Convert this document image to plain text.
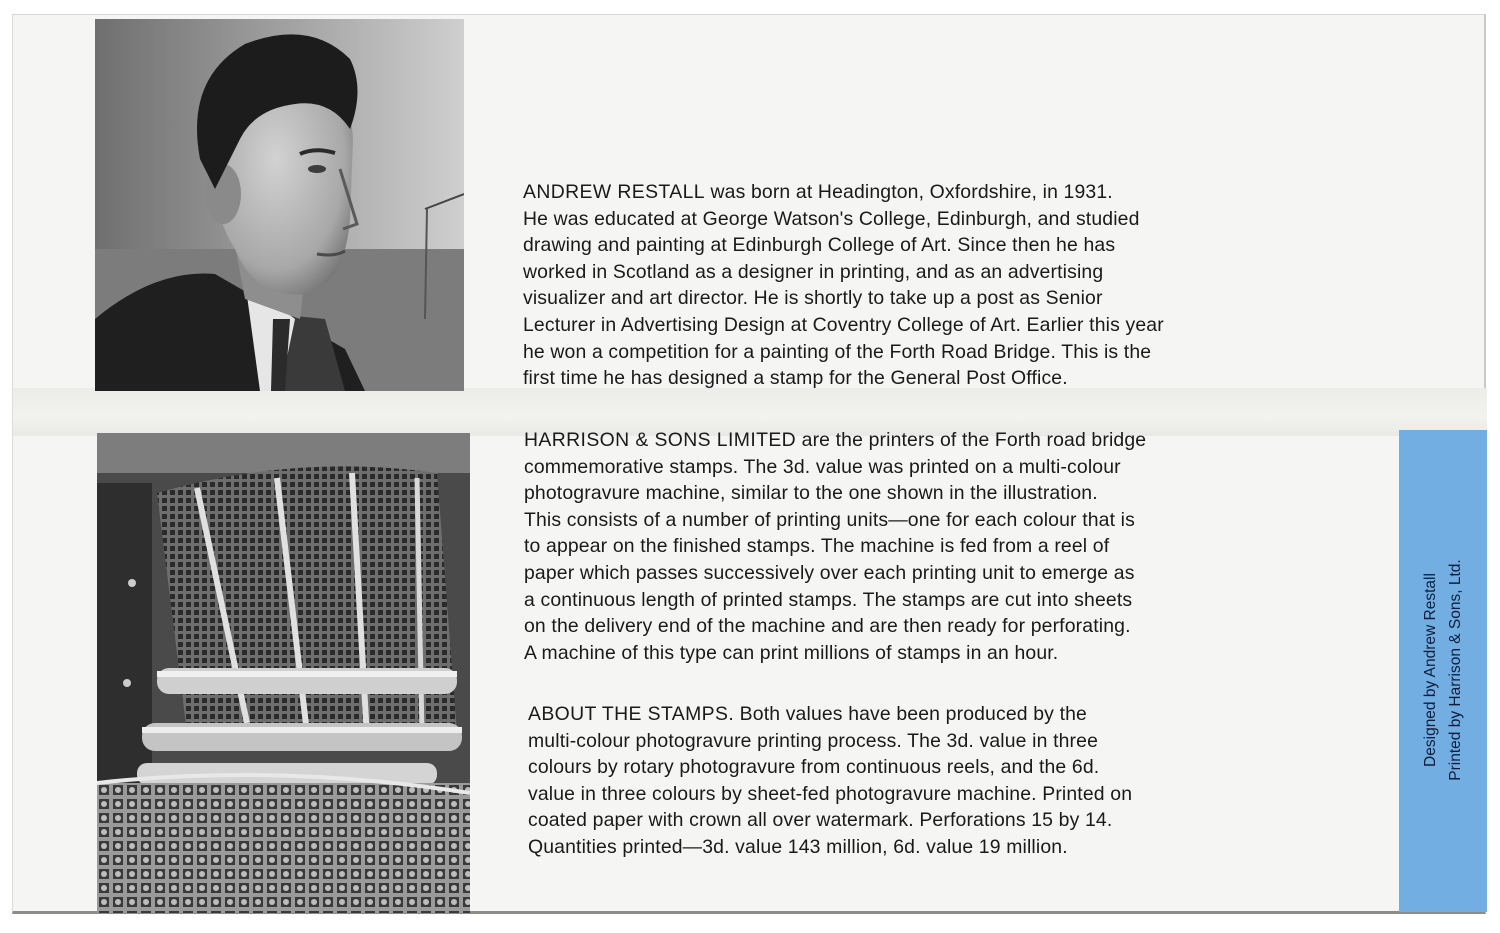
ANDREW RESTALL was born at Headington, Oxfordshire, in 1931.
He was educated at George Watson's College, Edinburgh, and studied
drawing and painting at Edinburgh College of Art. Since then he has
worked in Scotland as a designer in printing, and as an advertising
visualizer and art director. He is shortly to take up a post as Senior
Lecturer in Advertising Design at Coventry College of Art. Earlier this year
he won a competition for a painting of the Forth Road Bridge. This is the
first time he has designed a stamp for the General Post Office.

HARRISON & SONS LIMITED are the printers of the Forth road bridge
commemorative stamps. The 3d. value was printed on a multi-colour
photogravure machine, similar to the one shown in the illustration.
This consists of a number of printing units—one for each colour that is
to appear on the finished stamps. The machine is fed from a reel of
paper which passes successively over each printing unit to emerge as
a continuous length of printed stamps. The stamps are cut into sheets
on the delivery end of the machine and are then ready for perforating.
A machine of this type can print millions of stamps in an hour.

ABOUT THE STAMPS. Both values have been produced by the
multi-colour photogravure printing process. The 3d. value in three
colours by rotary photogravure from continuous reels, and the 6d.
value in three colours by sheet-fed photogravure machine. Printed on
coated paper with crown all over watermark. Perforations 15 by 14.
Quantities printed—3d. value 143 million, 6d. value 19 million.

Designed by Andrew Restall Printed by Harrison & Sons, Ltd.
